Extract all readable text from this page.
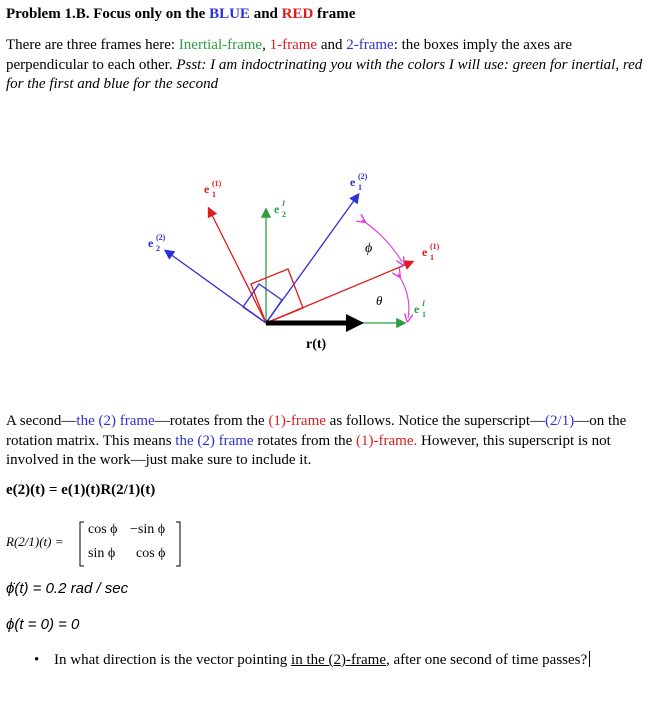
Problem 1.B. Focus only on the BLUE and RED frame
There are three frames here: Inertial-frame, 1-frame and 2-frame: the boxes imply the axes are perpendicular to each other. Psst: I am indoctrinating you with the colors I will use: green for inertial, red for the first and blue for the second
e (1)
1
e I
2
e (2)
1
e (2)
2	e (1)
1
e I
1
ϕ
θ
r(t)
A second—the (2) frame—rotates from the (1)-frame as follows. Notice the superscript—(2/1)—on the rotation matrix. This means the (2) frame rotates from the (1)-frame. However, this superscript is not involved in the work—just make sure to include it.
e(2)(t) = e(1)(t)R(2/1)(t)
R(2/1)(t) =
cos ϕ −sin ϕ
sin ϕ cos ϕ
ϕ̇(t) = 0.2 rad / sec
ϕ(t = 0) = 0
• In what direction is the vector pointing in the (2)-frame, after one second of time passes?
